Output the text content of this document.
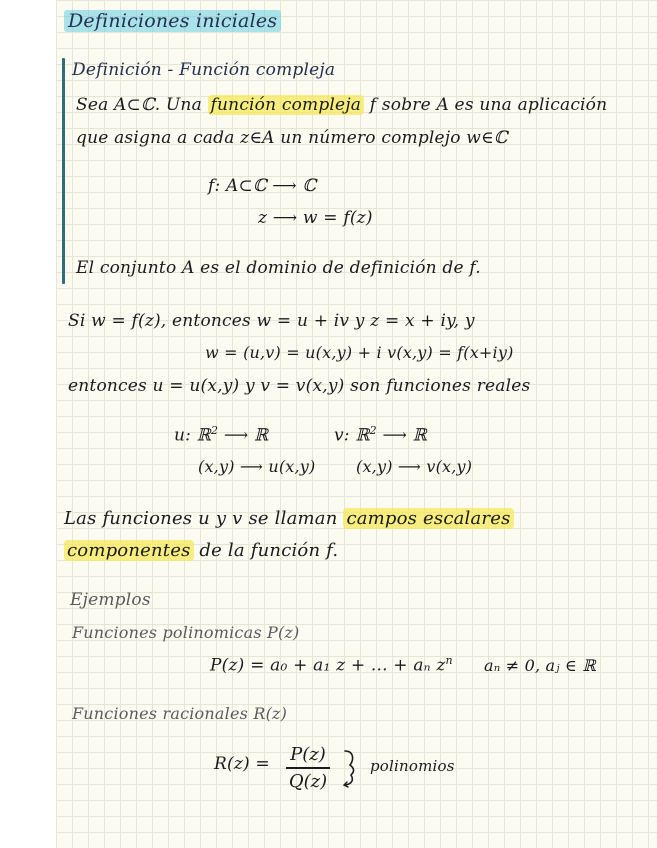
Definiciones iniciales
Definición - Función compleja
Sea A⊂ℂ. Una función compleja f sobre A es una aplicación
que asigna a cada z∈A un número complejo w∈ℂ
f: A⊂ℂ ⟶ ℂ
z ⟶ w = f(z)
El conjunto A es el dominio de definición de f.
Si w = f(z), entonces w = u + iv y z = x + iy, y
w = (u,v) = u(x,y) + i v(x,y) = f(x+iy)
entonces u = u(x,y) y v = v(x,y) son funciones reales
u: ℝ$^2$ ⟶ ℝ	v: ℝ$^2$ ⟶ ℝ
(x,y) ⟶ u(x,y)	(x,y) ⟶ v(x,y)
Las funciones u y v se llaman campos escalares
componentes de la función f.
Ejemplos
Funciones polinomicas P(z)
P(z) = a₀ + a₁ z + ... + aₙ $z^n$ aₙ ≠ 0, aⱼ ∈ ℝ
Funciones racionales R(z)
R(z) = P(z)
Q(z)
polinomios
